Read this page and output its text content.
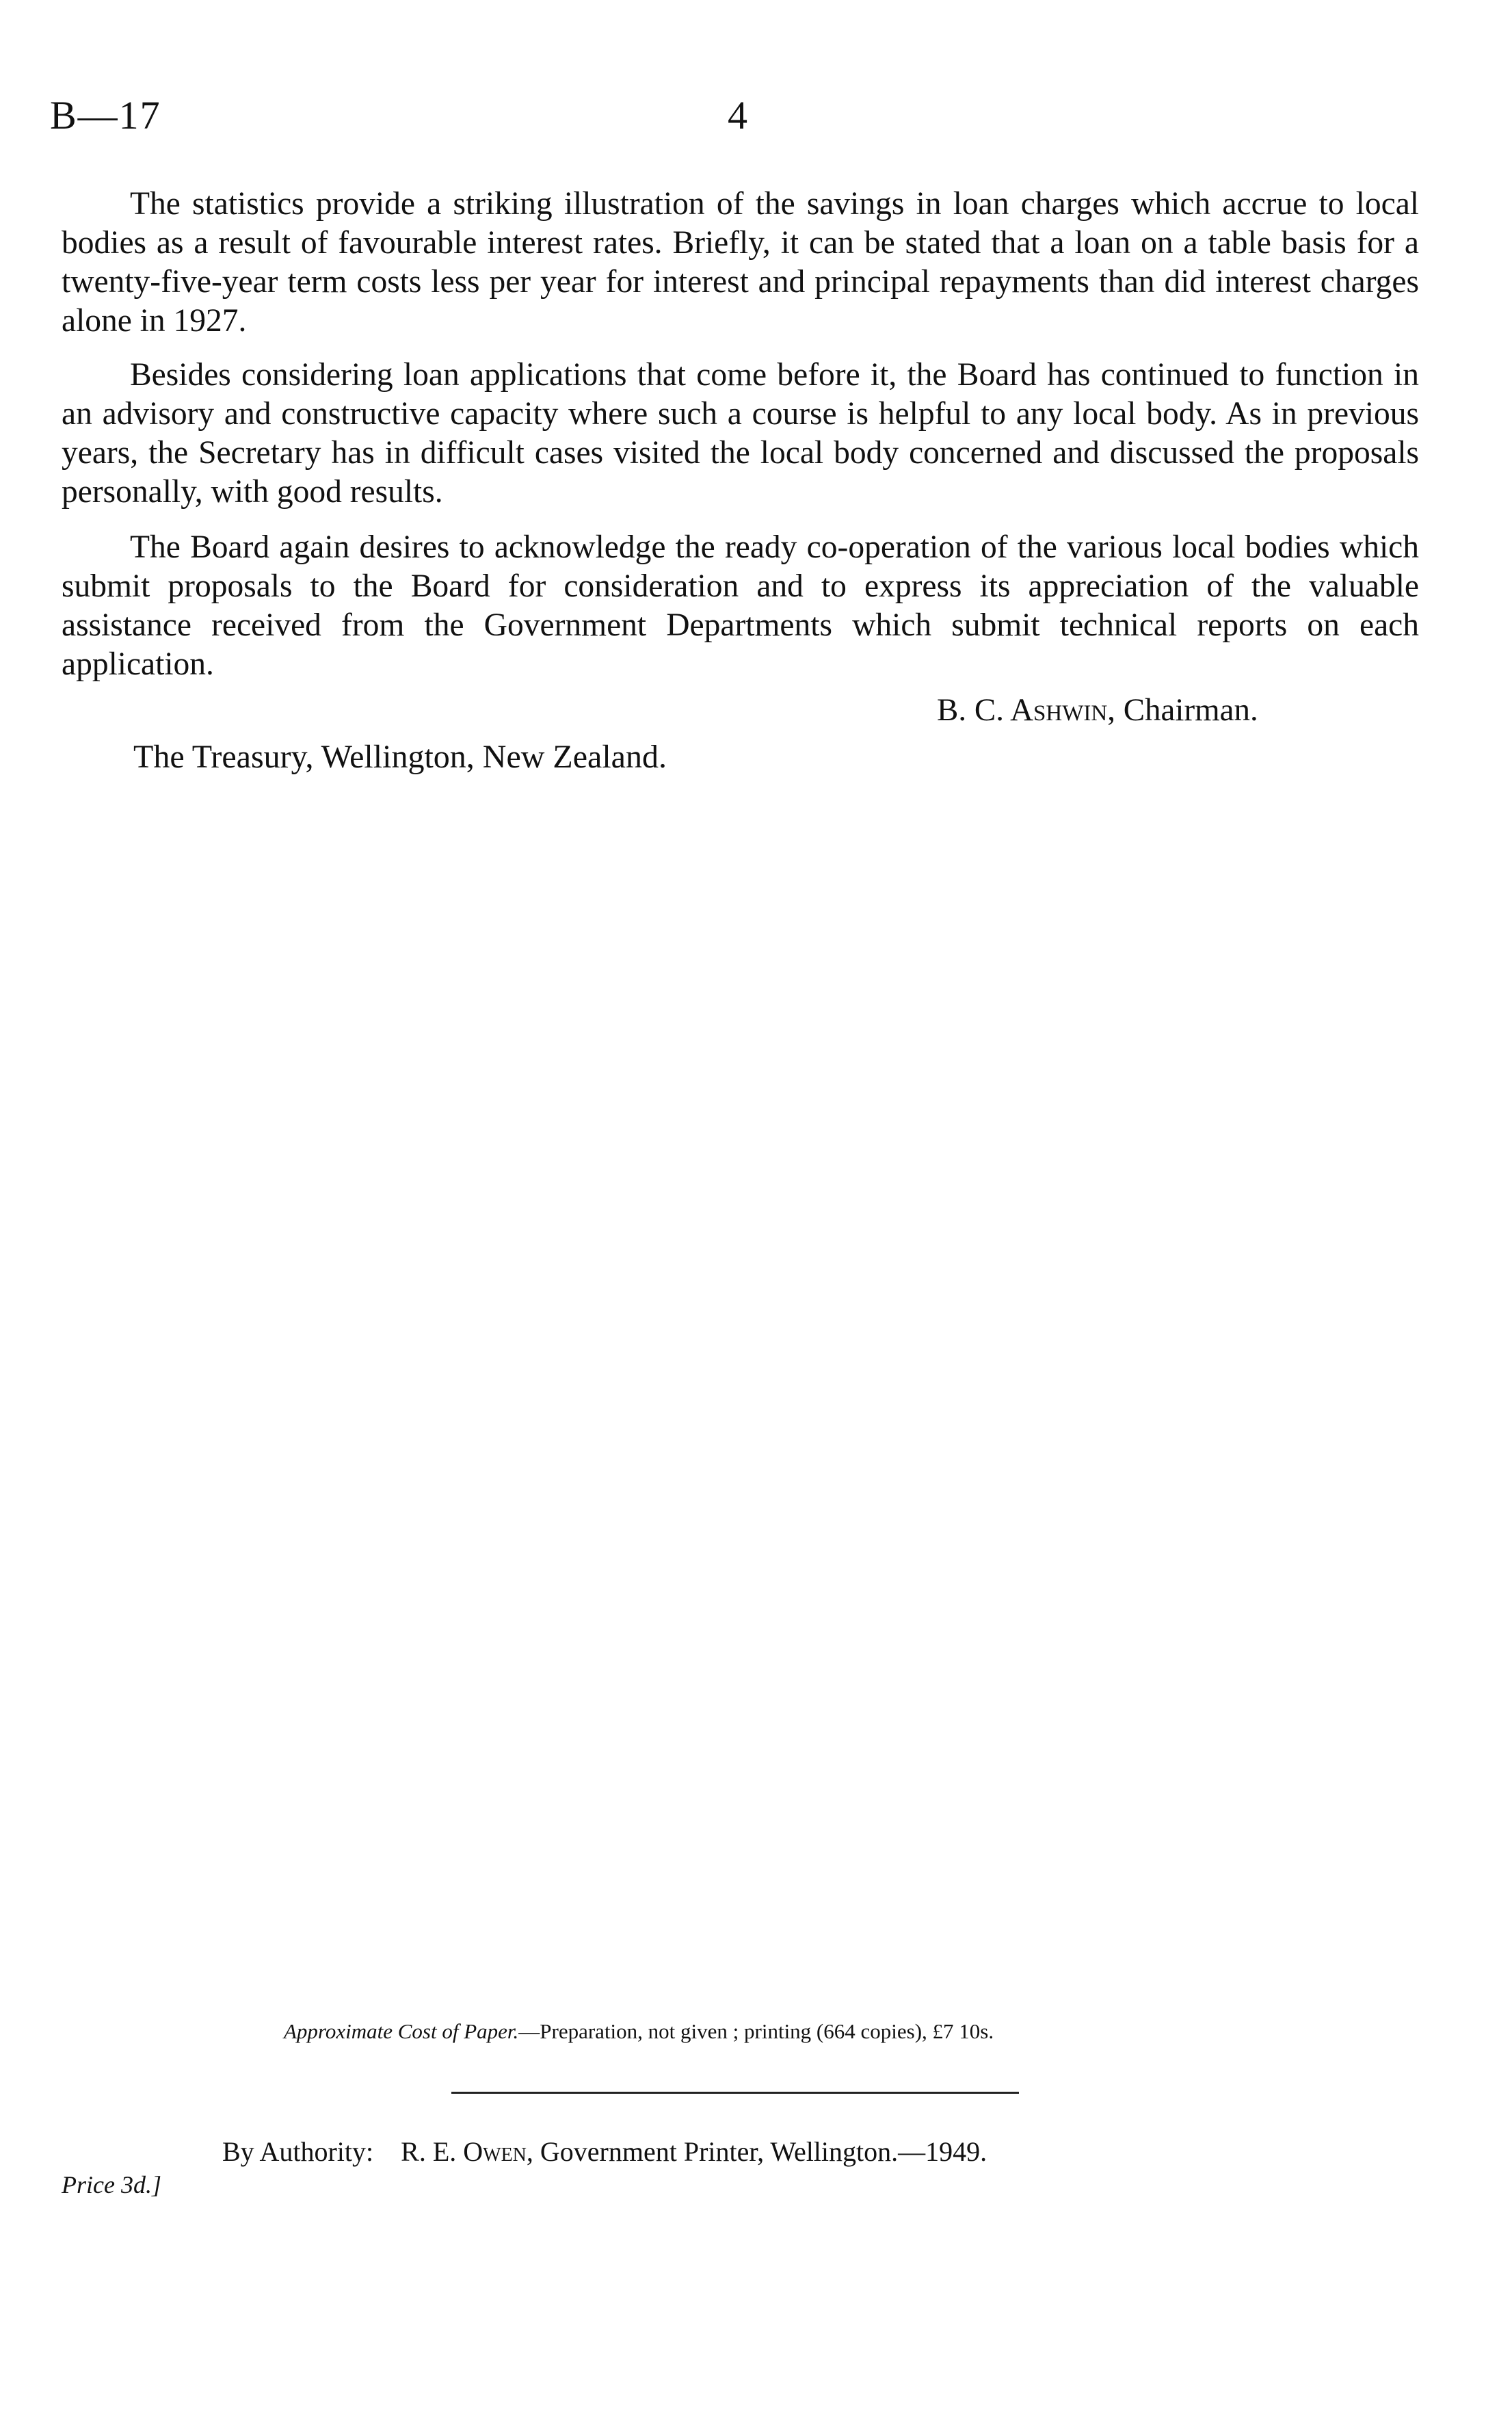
B—17	4

The statistics provide a striking illustration of the savings in loan charges which accrue to local bodies as a result of favourable interest rates. Briefly, it can be stated that a loan on a table basis for a twenty-five-year term costs less per year for interest and principal repayments than did interest charges alone in 1927.

Besides considering loan applications that come before it, the Board has continued to function in an advisory and constructive capacity where such a course is helpful to any local body. As in previous years, the Secretary has in difficult cases visited the local body concerned and discussed the proposals personally, with good results.

The Board again desires to acknowledge the ready co-operation of the various local bodies which submit proposals to the Board for consideration and to express its appreciation of the valuable assistance received from the Government Departments which submit technical reports on each application.

B. C. Ashwin, Chairman.
The Treasury, Wellington, New Zealand.
Approximate Cost of Paper.—Preparation, not given ; printing (664 copies), £7 10s.
By Authority: R. E. Owen, Government Printer, Wellington.—1949.
Price 3d.]
